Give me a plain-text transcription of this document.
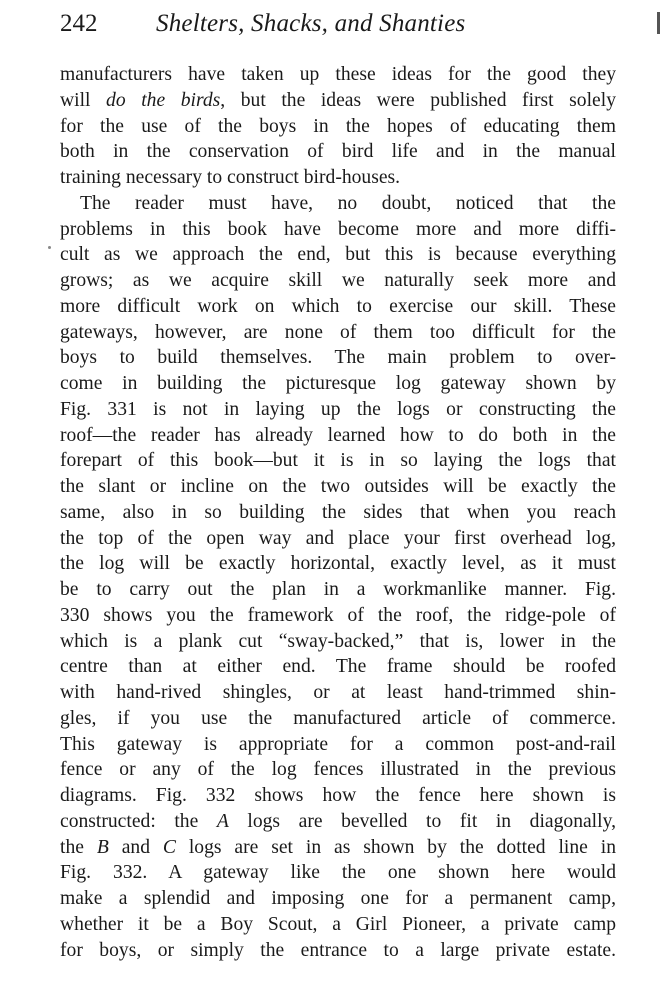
242 Shelters, Shacks, and Shanties
manufacturers have taken up these ideas for the good they
will do the birds, but the ideas were published first solely
for the use of the boys in the hopes of educating them
both in the conservation of bird life and in the manual
training necessary to construct bird-houses.
The reader must have, no doubt, noticed that the
problems in this book have become more and more diffi-
cult as we approach the end, but this is because everything
grows; as we acquire skill we naturally seek more and
more difficult work on which to exercise our skill. These
gateways, however, are none of them too difficult for the
boys to build themselves. The main problem to over-
come in building the picturesque log gateway shown by
Fig. 331 is not in laying up the logs or constructing the
roof—the reader has already learned how to do both in the
forepart of this book—but it is in so laying the logs that
the slant or incline on the two outsides will be exactly the
same, also in so building the sides that when you reach
the top of the open way and place your first overhead log,
the log will be exactly horizontal, exactly level, as it must
be to carry out the plan in a workmanlike manner. Fig.
330 shows you the framework of the roof, the ridge-pole of
which is a plank cut “sway-backed,” that is, lower in the
centre than at either end. The frame should be roofed
with hand-rived shingles, or at least hand-trimmed shin-
gles, if you use the manufactured article of commerce.
This gateway is appropriate for a common post-and-rail
fence or any of the log fences illustrated in the previous
diagrams. Fig. 332 shows how the fence here shown is
constructed: the A logs are bevelled to fit in diagonally,
the B and C logs are set in as shown by the dotted line in
Fig. 332. A gateway like the one shown here would
make a splendid and imposing one for a permanent camp,
whether it be a Boy Scout, a Girl Pioneer, a private camp
for boys, or simply the entrance to a large private estate.
